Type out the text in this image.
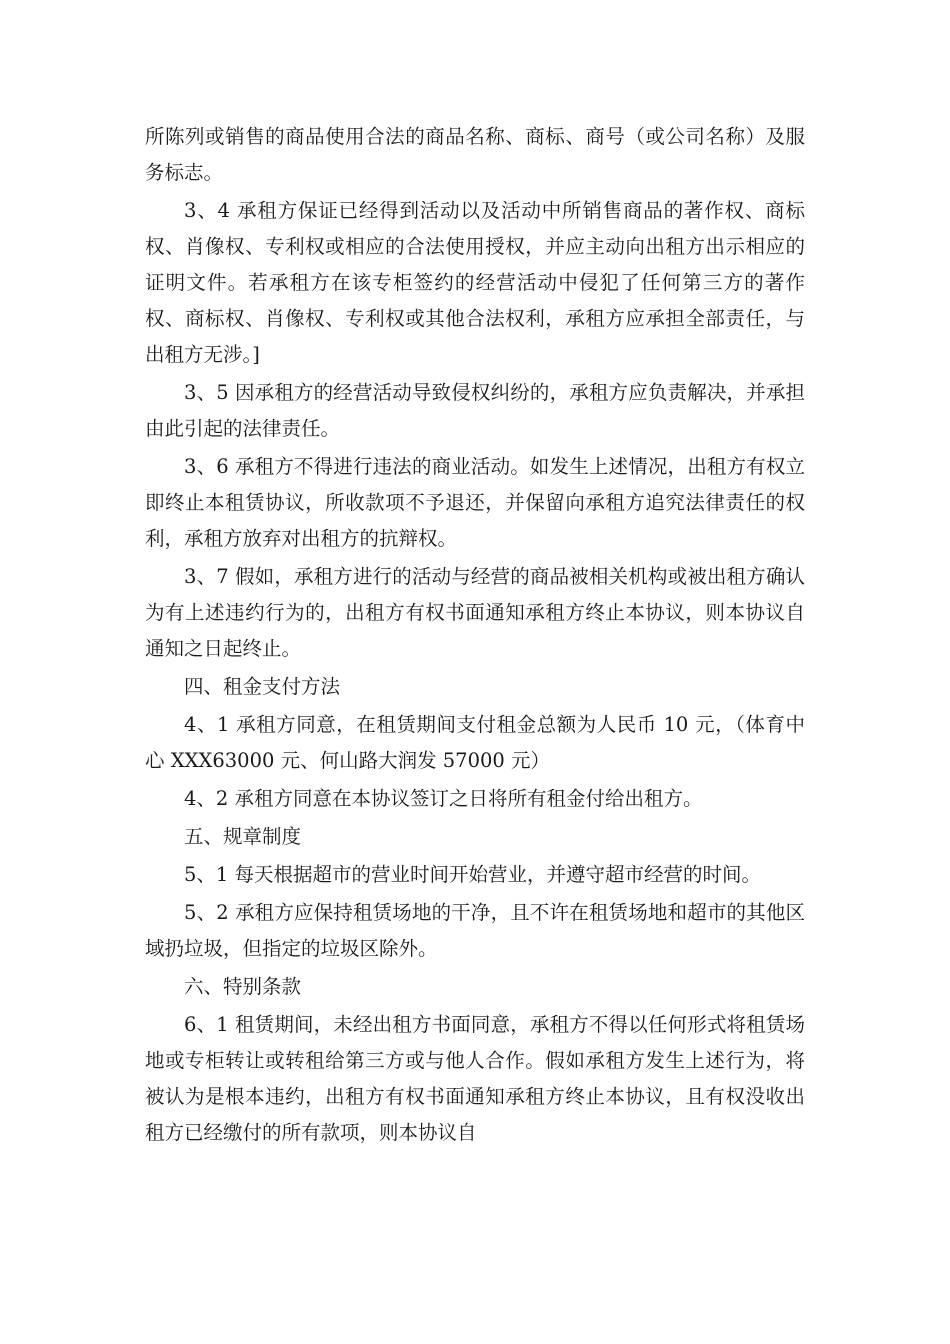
所陈列或销售的商品使用合法的商品名称、商标、商号（或公司名称）及服务标志。

3、4 承租方保证已经得到活动以及活动中所销售商品的著作权、商标权、肖像权、专利权或相应的合法使用授权，并应主动向出租方出示相应的证明文件。若承租方在该专柜签约的经营活动中侵犯了任何第三方的著作权、商标权、肖像权、专利权或其他合法权利，承租方应承担全部责任，与出租方无涉。]

3、5 因承租方的经营活动导致侵权纠纷的，承租方应负责解决，并承担由此引起的法律责任。

3、6 承租方不得进行违法的商业活动。如发生上述情况，出租方有权立即终止本租赁协议，所收款项不予退还，并保留向承租方追究法律责任的权利，承租方放弃对出租方的抗辩权。

3、7 假如，承租方进行的活动与经营的商品被相关机构或被出租方确认为有上述违约行为的，出租方有权书面通知承租方终止本协议，则本协议自通知之日起终止。

四、租金支付方法

4、1 承租方同意，在租赁期间支付租金总额为人民币 10 元，（体育中心 XXX63000 元、何山路大润发 57000 元）

4、2 承租方同意在本协议签订之日将所有租金付给出租方。

五、规章制度

5、1 每天根据超市的营业时间开始营业，并遵守超市经营的时间。

5、2 承租方应保持租赁场地的干净，且不许在租赁场地和超市的其他区域扔垃圾，但指定的垃圾区除外。

六、特别条款

6、1 租赁期间，未经出租方书面同意，承租方不得以任何形式将租赁场地或专柜转让或转租给第三方或与他人合作。假如承租方发生上述行为，将被认为是根本违约，出租方有权书面通知承租方终止本协议，且有权没收出租方已经缴付的所有款项，则本协议自
